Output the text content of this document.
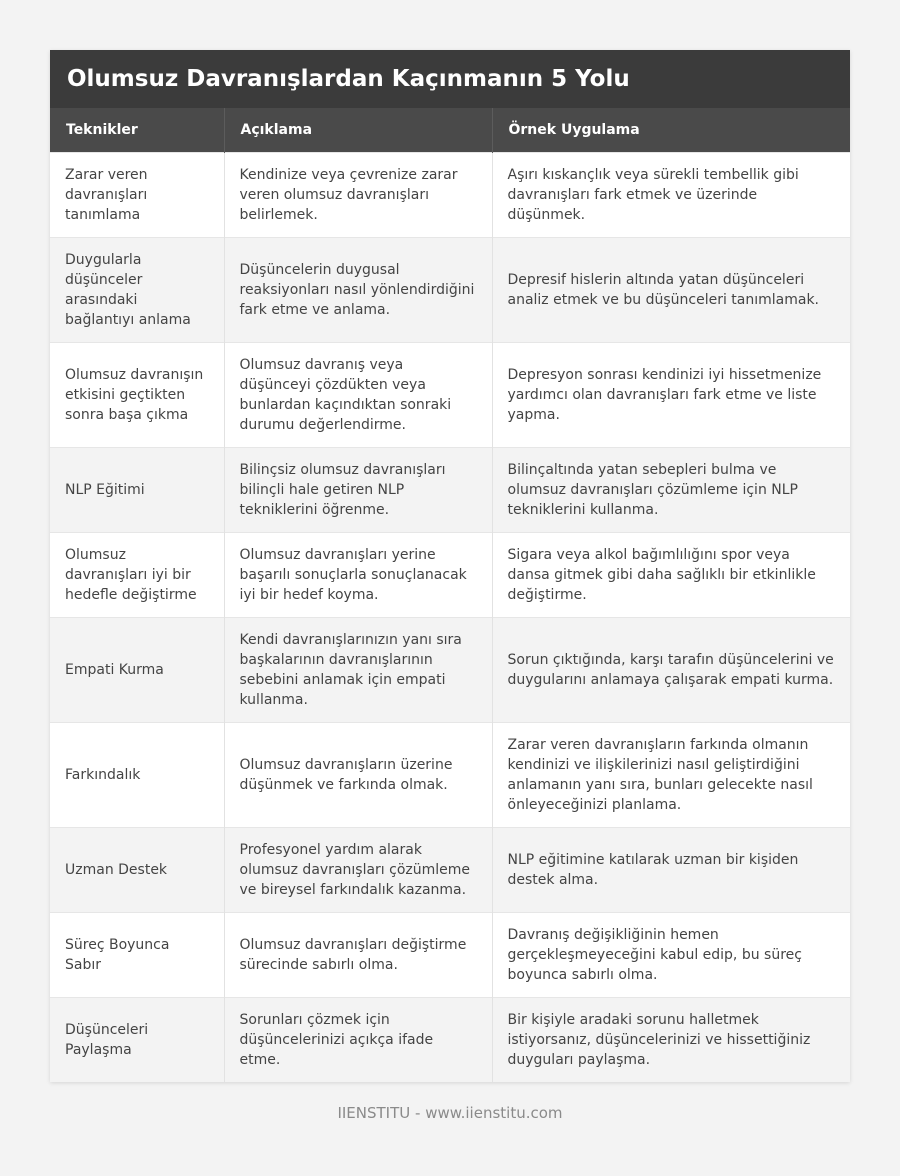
Olumsuz Davranışlardan Kaçınmanın 5 Yolu
Teknikler	Açıklama	Örnek Uygulama
Zarar veren davranışları tanımlama	Kendinize veya çevrenize zarar veren olumsuz davranışları belirlemek.	Aşırı kıskançlık veya sürekli tembellik gibi davranışları fark etmek ve üzerinde düşünmek.
Duygularla düşünceler arasındaki bağlantıyı anlama	Düşüncelerin duygusal reaksiyonları nasıl yönlendirdiğini fark etme ve anlama.	Depresif hislerin altında yatan düşünceleri analiz etmek ve bu düşünceleri tanımlamak.
Olumsuz davranışın etkisini geçtikten sonra başa çıkma	Olumsuz davranış veya düşünceyi çözdükten veya bunlardan kaçındıktan sonraki durumu değerlendirme.	Depresyon sonrası kendinizi iyi hissetmenize yardımcı olan davranışları fark etme ve liste yapma.
NLP Eğitimi	Bilinçsiz olumsuz davranışları bilinçli hale getiren NLP tekniklerini öğrenme.	Bilinçaltında yatan sebepleri bulma ve olumsuz davranışları çözümleme için NLP tekniklerini kullanma.
Olumsuz davranışları iyi bir hedefle değiştirme	Olumsuz davranışları yerine başarılı sonuçlarla sonuçlanacak iyi bir hedef koyma.	Sigara veya alkol bağımlılığını spor veya dansa gitmek gibi daha sağlıklı bir etkinlikle değiştirme.
Empati Kurma	Kendi davranışlarınızın yanı sıra başkalarının davranışlarının sebebini anlamak için empati kullanma.	Sorun çıktığında, karşı tarafın düşüncelerini ve duygularını anlamaya çalışarak empati kurma.
Farkındalık	Olumsuz davranışların üzerine düşünmek ve farkında olmak.	Zarar veren davranışların farkında olmanın kendinizi ve ilişkilerinizi nasıl geliştirdiğini anlamanın yanı sıra, bunları gelecekte nasıl önleyeceğinizi planlama.
Uzman Destek	Profesyonel yardım alarak olumsuz davranışları çözümleme ve bireysel farkındalık kazanma.	NLP eğitimine katılarak uzman bir kişiden destek alma.
Süreç Boyunca Sabır	Olumsuz davranışları değiştirme sürecinde sabırlı olma.	Davranış değişikliğinin hemen gerçekleşmeyeceğini kabul edip, bu süreç boyunca sabırlı olma.
Düşünceleri Paylaşma	Sorunları çözmek için düşüncelerinizi açıkça ifade etme.	Bir kişiyle aradaki sorunu halletmek istiyorsanız, düşüncelerinizi ve hissettiğiniz duyguları paylaşma.
IIENSTITU - www.iienstitu.com
